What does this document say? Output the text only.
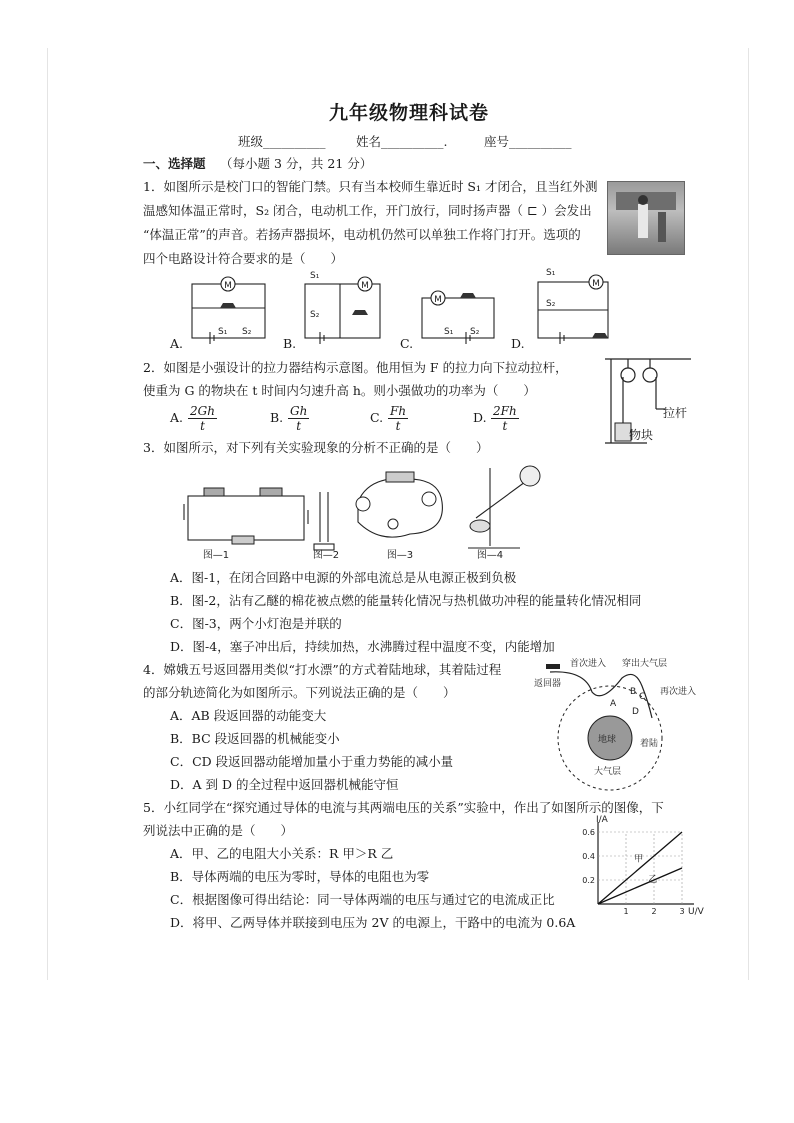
九年级物理科试卷
班级__________ 姓名__________.	座号__________
一、选择题 （每小题 3 分，共 21 分）
1．如图所示是校门口的智能门禁。只有当本校师生靠近时 S₁ 才闭合，且当红外测
温感知体温正常时，S₂ 闭合，电动机工作，开门放行，同时扬声器（ ⊏ ）会发出
“体温正常”的声音。若扬声器损坏，电动机仍然可以单独工作将门打开。选项的
四个电路设计符合要求的是（　　）
M	M
M
M
S₁ S₂
S₁
S₂
S₁ S₂
S₁
S₂
A.	B.	C.	D.
2．如图是小强设计的拉力器结构示意图。他用恒为 F 的拉力向下拉动拉杆，
使重为 G 的物块在 t 时间内匀速升高 h。则小强做功的功率为（　　）
A. $\frac{2Gh}{t}$	B. $\frac{Gh}{t}$	C. $\frac{Fh}{t}$	D. $\frac{2Fh}{t}$	拉杆
物块
3．如图所示，对下列有关实验现象的分析不正确的是（　　）
图—1	图—2	图—3	图—4
A．图-1，在闭合回路中电源的外部电流总是从电源正极到负极
B．图-2，沾有乙醚的棉花被点燃的能量转化情况与热机做功冲程的能量转化情况相同
C．图-3，两个小灯泡是并联的
D．图-4，塞子冲出后，持续加热，水沸腾过程中温度不变，内能增加
4．嫦娥五号返回器用类似“打水漂”的方式着陆地球，其着陆过程
的部分轨迹简化为如图所示。下列说法正确的是（　　）
A．AB 段返回器的动能变大
B．BC 段返回器的机械能变小
C．CD 段返回器动能增加量小于重力势能的减小量
D．A 到 D 的全过程中返回器机械能守恒
首次进入 穿出大气层
返回器
再次进入
地球	着陆
大气层
A
B C
D
5．小红同学在“探究通过导体的电流与其两端电压的关系”实验中，作出了如图所示的图像，下
列说法中正确的是（　　）
A．甲、乙的电阻大小关系：R 甲＞R 乙
B．导体两端的电压为零时，导体的电阻也为零
C．根据图像可得出结论：同一导体两端的电压与通过它的电流成正比
D．将甲、乙两导体并联接到电压为 2V 的电源上，干路中的电流为 0.6A
I/A
U/V
1	2	3
0.2
0.4
0.6
甲
乙
